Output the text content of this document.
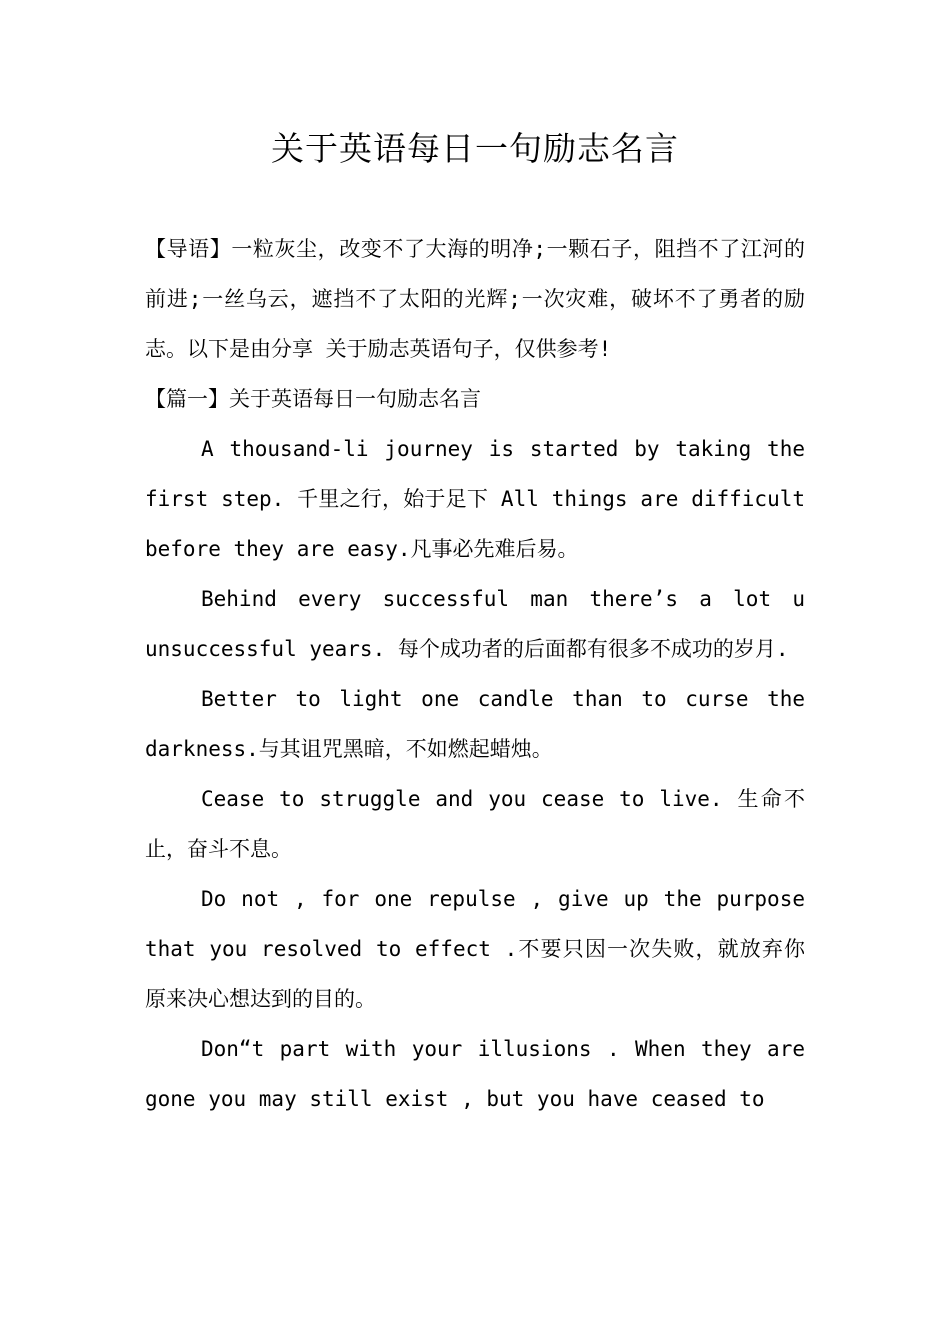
关于英语每日一句励志名言

【导语】一粒灰尘，改变不了大海的明净;一颗石子，阻挡不了江河的前进;一丝乌云，遮挡不了太阳的光辉;一次灾难，破坏不了勇者的励志。以下是由分享 关于励志英语句子，仅供参考!

【篇一】关于英语每日一句励志名言

A thousand-li journey is started by taking the first step. 千里之行，始于足下 All things are difficult before they are easy.凡事必先难后易。

Behind every successful man there’s a lot u unsuccessful years. 每个成功者的后面都有很多不成功的岁月.

Better to light one candle than to curse the darkness.与其诅咒黑暗，不如燃起蜡烛。

Cease to struggle and you cease to live. 生命不止，奋斗不息。

Do not , for one repulse , give up the purpose that you resolved to effect .不要只因一次失败，就放弃你原来决心想达到的目的。

Don“t part with your illusions . When they are gone you may still exist , but you have ceased to
